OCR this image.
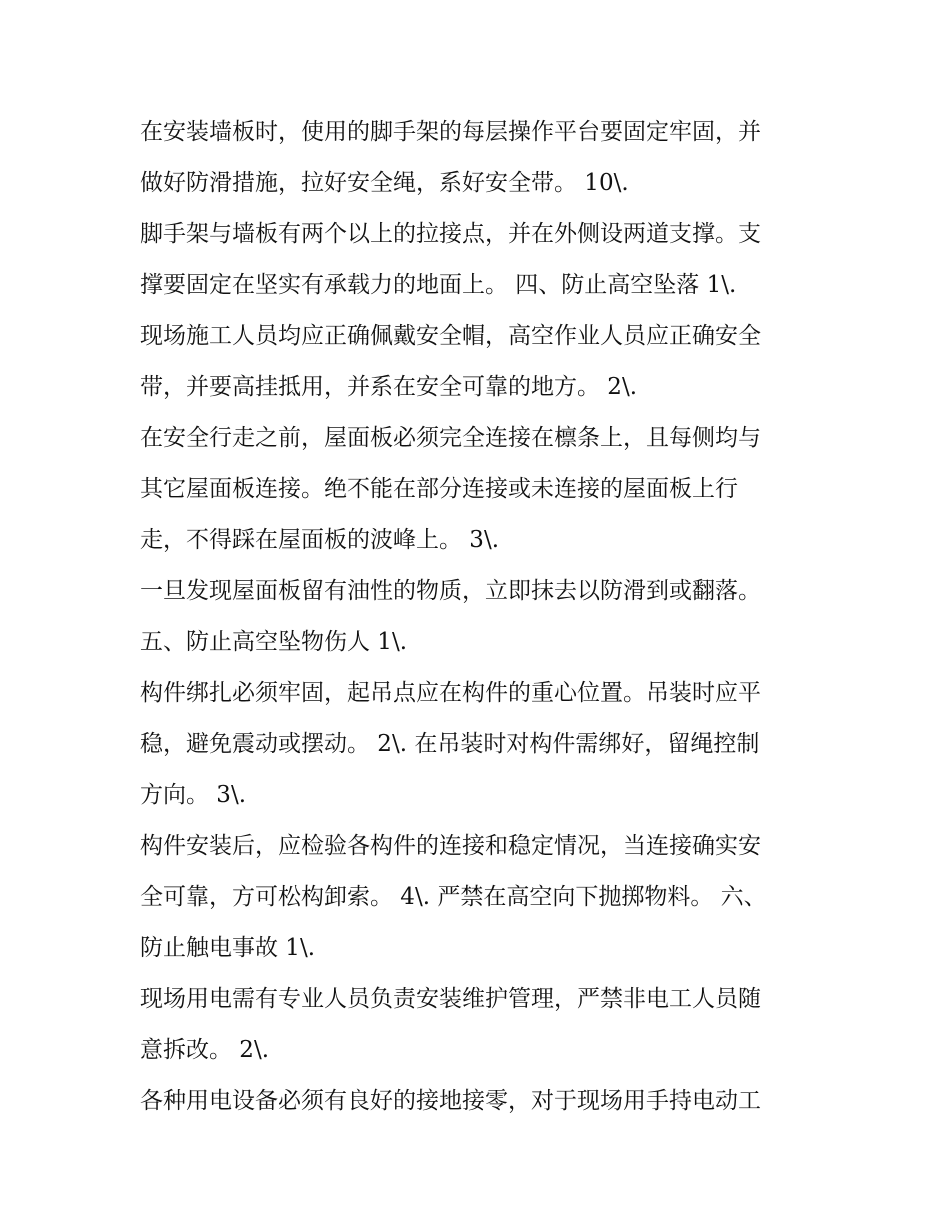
在安装墙板时，使用的脚手架的每层操作平台要固定牢固，并
做好防滑措施，拉好安全绳，系好安全带。 10\.
脚手架与墙板有两个以上的拉接点，并在外侧设两道支撑。支
撑要固定在坚实有承载力的地面上。 四、防止高空坠落 1\.
现场施工人员均应正确佩戴安全帽，高空作业人员应正确安全
带，并要高挂抵用，并系在安全可靠的地方。 2\.
在安全行走之前，屋面板必须完全连接在檩条上，且每侧均与
其它屋面板连接。绝不能在部分连接或未连接的屋面板上行
走，不得踩在屋面板的波峰上。 3\.
一旦发现屋面板留有油性的物质，立即抹去以防滑到或翻落。
五、防止高空坠物伤人 1\.
构件绑扎必须牢固，起吊点应在构件的重心位置。吊装时应平
稳，避免震动或摆动。 2\. 在吊装时对构件需绑好，留绳控制
方向。 3\.
构件安装后，应检验各构件的连接和稳定情况，当连接确实安
全可靠，方可松构卸索。 4\. 严禁在高空向下抛掷物料。 六、
防止触电事故 1\.
现场用电需有专业人员负责安装维护管理，严禁非电工人员随
意拆改。 2\.
各种用电设备必须有良好的接地接零，对于现场用手持电动工
